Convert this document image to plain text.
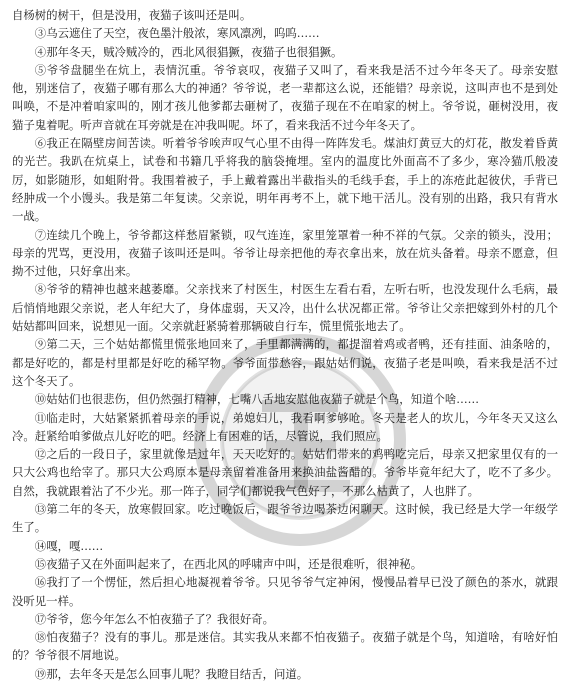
自杨树的树干，但是没用，夜猫子该叫还是叫。

③乌云遮住了天空，夜色墨汁般浓，寒风凛冽，呜呜……

④那年冬天，贼冷贼冷的，西北风很猖獗，夜猫子也很猖獗。

⑤爷爷盘腿坐在炕上，表情沉重。爷爷哀叹，夜猫子又叫了，看来我是活不过今年冬天了。母亲安慰他，别迷信了，夜猫子哪有那么大的神通？爷爷说，老一辈都这么说，还能错？母亲说，这叫声也不是到处叫唤，不是冲着咱家叫的，刚才孩儿他爹都去砸树了，夜猫子现在不在咱家的树上。爷爷说，砸树没用，夜猫子鬼着呢。听声音就在耳旁就是在冲我叫呢。坏了，看来我活不过今年冬天了。

⑥我正在隔壁房间苦读。听着爷爷唉声叹气心里不由得一阵阵发毛。煤油灯黄豆大的灯花，散发着昏黄的光芒。我趴在炕桌上，试卷和书籍几乎将我的脑袋掩埋。室内的温度比外面高不了多少，寒冷猫爪般凌厉，如影随形，如蛆附骨。我围着被子，手上戴着露出半截指头的毛线手套，手上的冻疮此起彼伏，手背已经肿成一个小馒头。我是第二年复读。父亲说，明年再考不上，就下地干活儿。没有别的出路，我只有背水一战。

⑦连续几个晚上，爷爷都这样愁眉紧锁，叹气连连，家里笼罩着一种不祥的气氛。父亲的锁头，没用；母亲的咒骂，更没用，夜猫子该叫还是叫。爷爷让母亲把他的寿衣拿出来，放在炕头备着。母亲不愿意，但拗不过他，只好拿出来。

⑧爷爷的精神也越来越萎靡。父亲找来了村医生，村医生左看右看，左听右听，也没发现什么毛病，最后悄悄地跟父亲说，老人年纪大了，身体虚弱，天又冷，出什么状况都正常。爷爷让父亲把嫁到外村的几个姑姑都叫回来，说想见一面。父亲就赶紧骑着那辆破自行车，慌里慌张地去了。

⑨第二天，三个姑姑都慌里慌张地回来了，手里都满满的，都提溜着鸡或者鸭，还有挂面、油条啥的，都是好吃的，都是村里都是好吃的稀罕物。爷爷面带愁容，跟姑姑们说，夜猫子老是叫唤，看来我是活不过这个冬天了。

⑩姑姑们也很悲伤，但仍然强打精神，七嘴八舌地安慰他夜猫子就是个鸟，知道个啥……

⑪临走时，大姑紧紧抓着母亲的手说，弟媳妇儿，我看啊爹够呛。冬天是老人的坎儿，今年冬天又这么冷。赶紧给咱爹做点儿好吃的吧。经济上有困难的话，尽管说，我们照应。

⑫之后的一段日子，家里就像是过年，天天吃好的。姑姑们带来的鸡鸭吃完后，母亲又把家里仅有的一只大公鸡也给宰了。那只大公鸡原本是母亲留着准备用来换油盐酱醋的。爷爷毕竟年纪大了，吃不了多少。自然，我就跟着沾了不少光。那一阵子，同学们都说我气色好了，不那么枯黄了，人也胖了。

⑬第二年的冬天，放寒假回家。吃过晚饭后，跟爷爷边喝茶边闲聊天。这时候，我已经是大学一年级学生了。

⑭嘎，嘎……

⑮夜猫子又在外面叫起来了，在西北风的呼啸声中叫，还是很难听，很神秘。

⑯我打了一个愣怔，然后担心地凝视着爷爷。只见爷爷气定神闲，慢慢品着早已没了颜色的茶水，就跟没听见一样。

⑰爷爷，您今年怎么不怕夜猫子了？我很好奇。

⑱怕夜猫子？没有的事儿。那是迷信。其实我从来都不怕夜猫子。夜猫子就是个鸟，知道啥，有啥好怕的？爷爷很不屑地说。

⑲那，去年冬天是怎么回事儿呢？我瞪目结舌，问道。
